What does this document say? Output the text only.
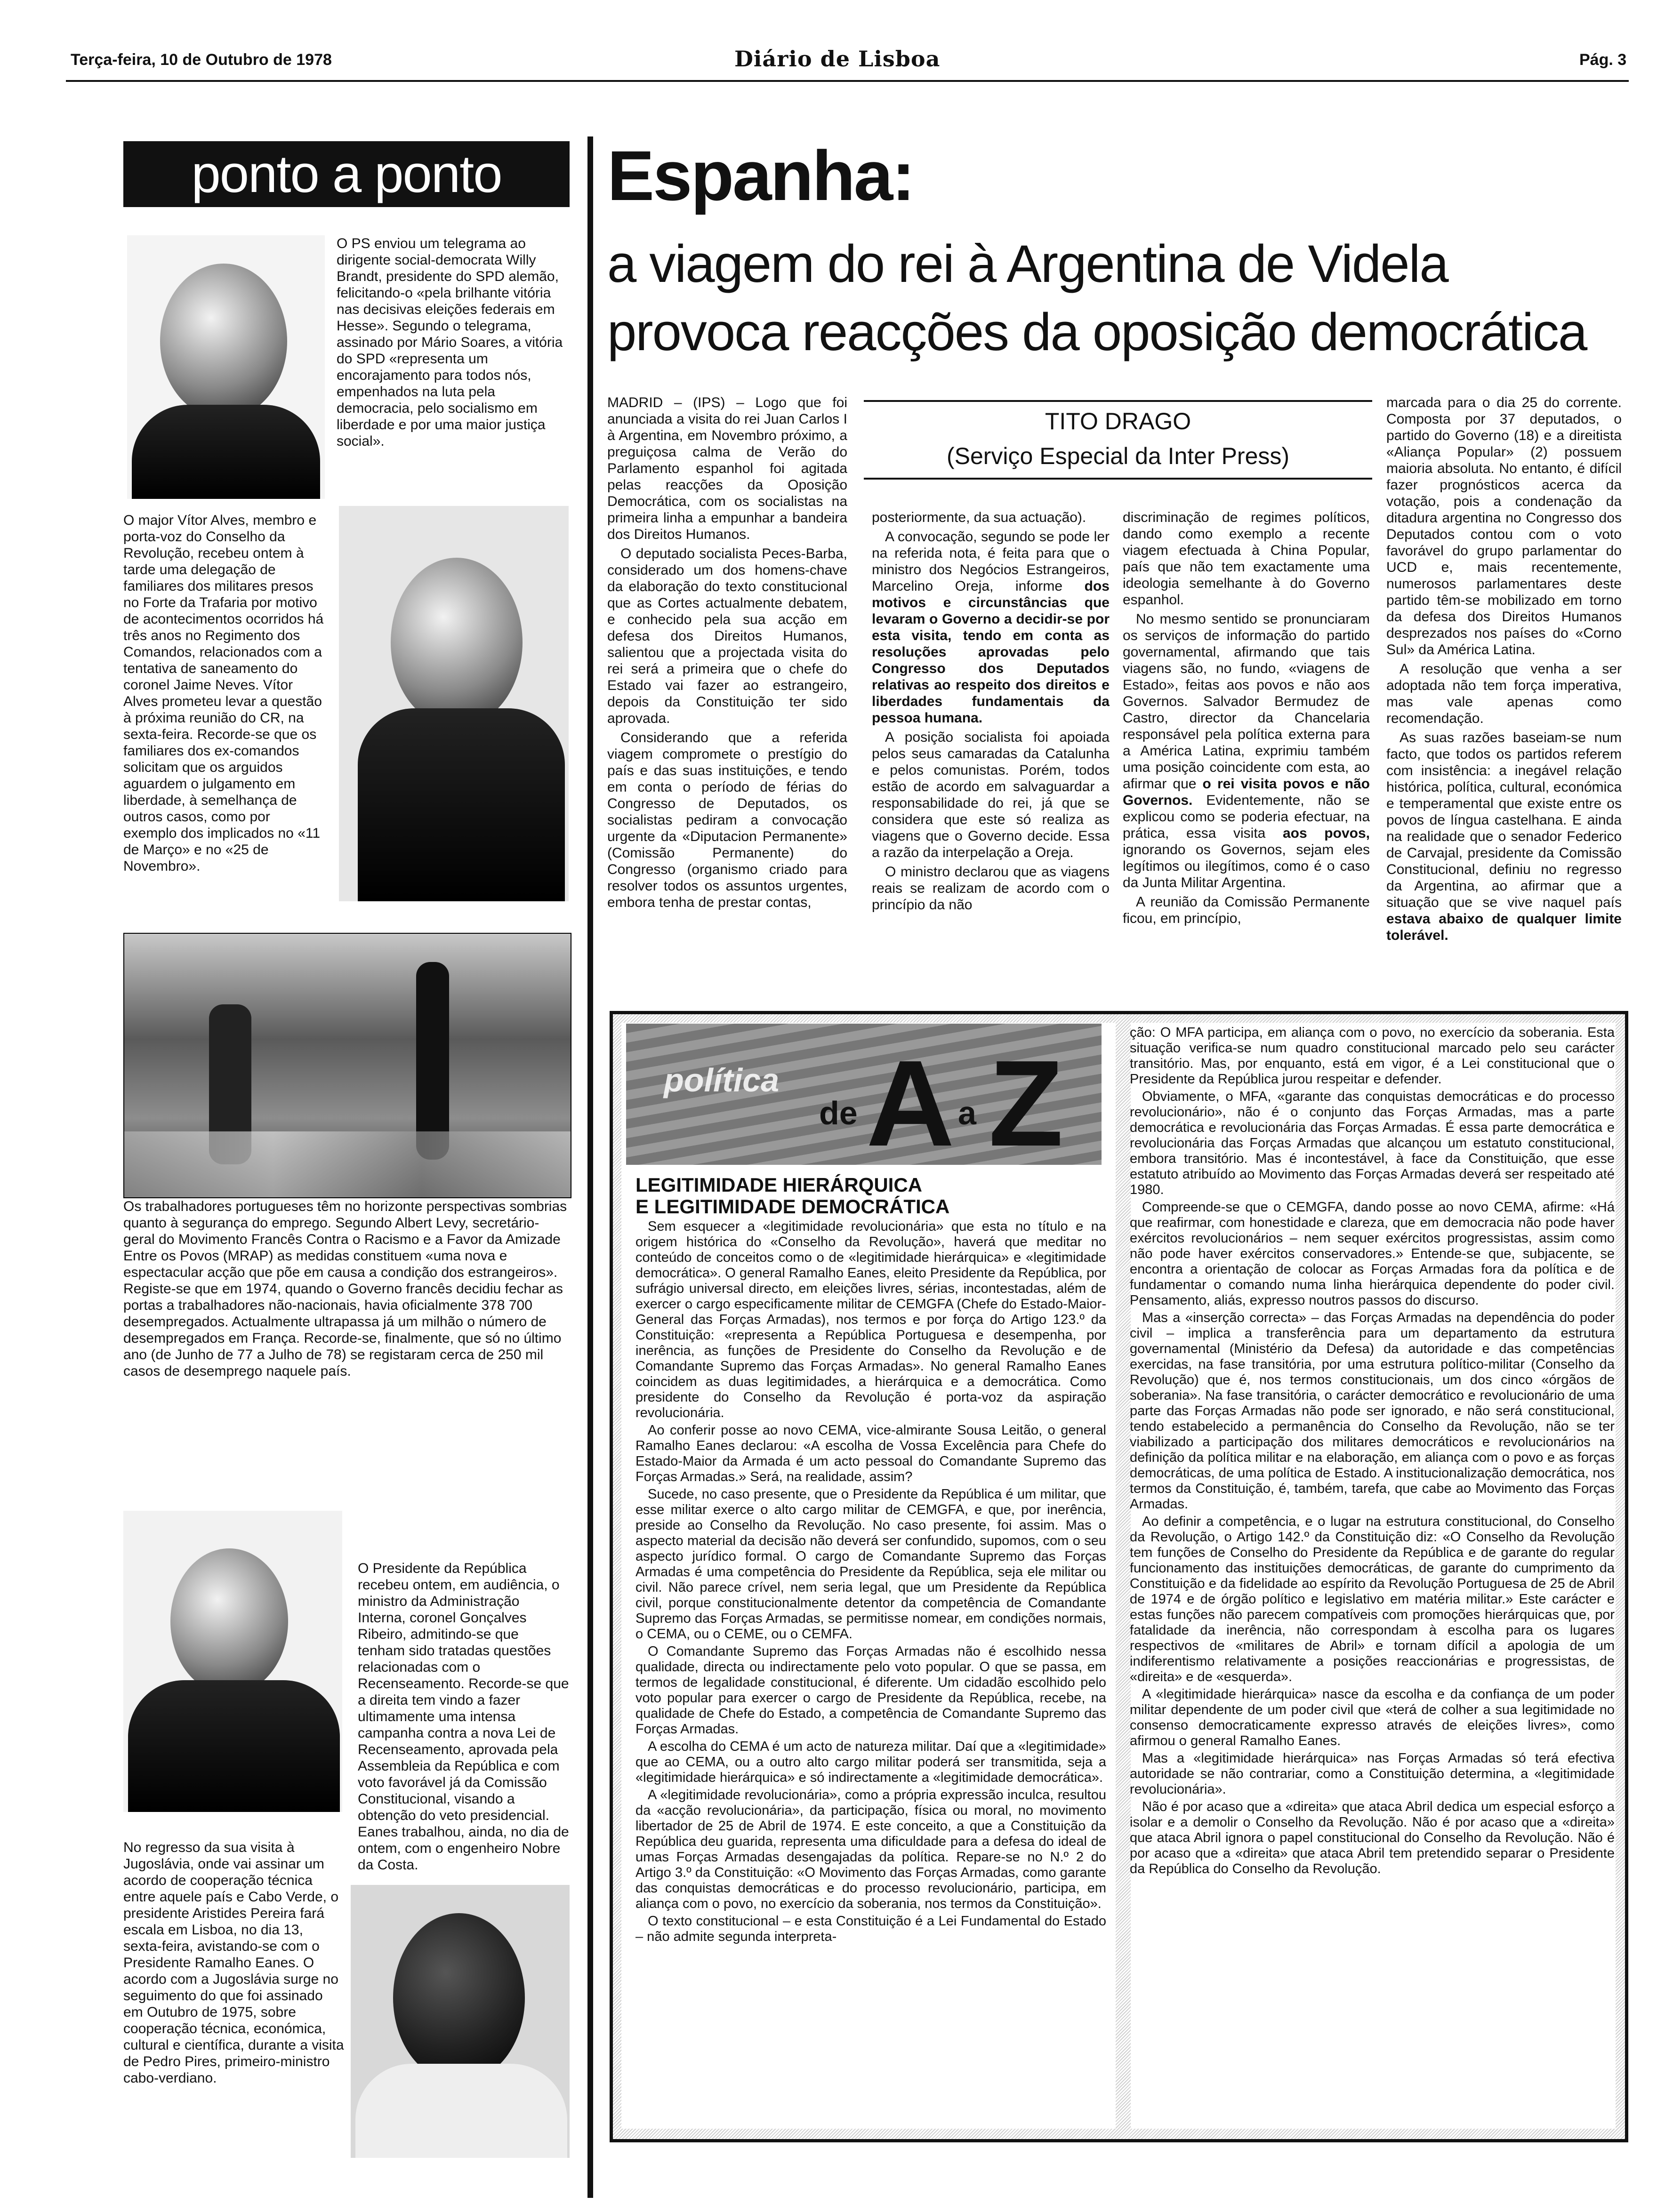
Terça-feira, 10 de Outubro de 1978	Diário de Lisboa	Pág. 3
ponto a ponto
O PS enviou um telegrama ao dirigente social-democrata Willy Brandt, presidente do SPD alemão, felicitando-o «pela brilhante vitória nas decisivas eleições federais em Hesse». Segundo o telegrama, assinado por Mário Soares, a vitória do SPD «representa um encorajamento para todos nós, empenhados na luta pela democracia, pelo socialismo em liberdade e por uma maior justiça social».
O major Vítor Alves, membro e porta-voz do Conselho da Revolução, recebeu ontem à tarde uma delegação de familiares dos militares presos no Forte da Trafaria por motivo de acontecimentos ocorridos há três anos no Regimento dos Comandos, relacionados com a tentativa de saneamento do coronel Jaime Neves. Vítor Alves prometeu levar a questão à próxima reunião do CR, na sexta-feira. Recorde-se que os familiares dos ex-comandos solicitam que os arguidos aguardem o julgamento em liberdade, à semelhança de outros casos, como por exemplo dos implicados no «11 de Março» e no «25 de Novembro».
Os trabalhadores portugueses têm no horizonte perspectivas sombrias quanto à segurança do emprego. Segundo Albert Levy, secretário-geral do Movimento Francês Contra o Racismo e a Favor da Amizade Entre os Povos (MRAP) as medidas constituem «uma nova e espectacular acção que põe em causa a condição dos estrangeiros». Registe-se que em 1974, quando o Governo francês decidiu fechar as portas a trabalhadores não-nacionais, havia oficialmente 378 700 desempregados. Actualmente ultrapassa já um milhão o número de desempregados em França. Recorde-se, finalmente, que só no último ano (de Junho de 77 a Julho de 78) se registaram cerca de 250 mil casos de desemprego naquele país.
O Presidente da República recebeu ontem, em audiência, o ministro da Administração Interna, coronel Gonçalves Ribeiro, admitindo-se que tenham sido tratadas questões relacionadas com o Recenseamento. Recorde-se que a direita tem vindo a fazer ultimamente uma intensa campanha contra a nova Lei de Recenseamento, aprovada pela Assembleia da República e com voto favorável já da Comissão Constitucional, visando a obtenção do veto presidencial. Eanes trabalhou, ainda, no dia de ontem, com o engenheiro Nobre da Costa.
No regresso da sua visita à Jugoslávia, onde vai assinar um acordo de cooperação técnica entre aquele país e Cabo Verde, o presidente Aristides Pereira fará escala em Lisboa, no dia 13, sexta-feira, avistando-se com o Presidente Ramalho Eanes. O acordo com a Jugoslávia surge no seguimento do que foi assinado em Outubro de 1975, sobre cooperação técnica, económica, cultural e científica, durante a visita de Pedro Pires, primeiro-ministro cabo-verdiano.
Espanha:
a viagem do rei à Argentina de Videla
provoca reacções da oposição democrática

MADRID – (IPS) – Logo que foi anunciada a visita do rei Juan Carlos I à Argentina, em Novembro próximo, a preguiçosa calma de Verão do Parlamento espanhol foi agitada pelas reacções da Oposição Democrática, com os socialistas na primeira linha a empunhar a bandeira dos Direitos Humanos.

O deputado socialista Peces-Barba, considerado um dos homens-chave da elaboração do texto constitucional que as Cortes actualmente debatem, e conhecido pela sua acção em defesa dos Direitos Humanos, salientou que a projectada visita do rei será a primeira que o chefe do Estado vai fazer ao estrangeiro, depois da Constituição ter sido aprovada.

Considerando que a referida viagem compromete o prestígio do país e das suas instituições, e tendo em conta o período de férias do Congresso de Deputados, os socialistas pediram a convocação urgente da «Diputacion Permanente» (Comissão Permanente) do Congresso (organismo criado para resolver todos os assuntos urgentes, embora tenha de prestar contas,

TITO DRAGO
(Serviço Especial da Inter Press)

posteriormente, da sua actuação).

A convocação, segundo se pode ler na referida nota, é feita para que o ministro dos Negócios Estrangeiros, Marcelino Oreja, informe dos motivos e circunstâncias que levaram o Governo a decidir-se por esta visita, tendo em conta as resoluções aprovadas pelo Congresso dos Deputados relativas ao respeito dos direitos e liberdades fundamentais da pessoa humana.

A posição socialista foi apoiada pelos seus camaradas da Catalunha e pelos comunistas. Porém, todos estão de acordo em salvaguardar a responsabilidade do rei, já que se considera que este só realiza as viagens que o Governo decide. Essa a razão da interpelação a Oreja.

O ministro declarou que as viagens reais se realizam de acordo com o princípio da não

discriminação de regimes políticos, dando como exemplo a recente viagem efectuada à China Popular, país que não tem exactamente uma ideologia semelhante à do Governo espanhol.

No mesmo sentido se pronunciaram os serviços de informação do partido governamental, afirmando que tais viagens são, no fundo, «viagens de Estado», feitas aos povos e não aos Governos. Salvador Bermudez de Castro, director da Chancelaria responsável pela política externa para a América Latina, exprimiu também uma posição coincidente com esta, ao afirmar que o rei visita povos e não Governos. Evidentemente, não se explicou como se poderia efectuar, na prática, essa visita aos povos, ignorando os Governos, sejam eles legítimos ou ilegítimos, como é o caso da Junta Militar Argentina.

A reunião da Comissão Permanente ficou, em princípio,

marcada para o dia 25 do corrente. Composta por 37 deputados, o partido do Governo (18) e a direitista «Aliança Popular» (2) possuem maioria absoluta. No entanto, é difícil fazer prognósticos acerca da votação, pois a condenação da ditadura argentina no Congresso dos Deputados contou com o voto favorável do grupo parlamentar do UCD e, mais recentemente, numerosos parlamentares deste partido têm-se mobilizado em torno da defesa dos Direitos Humanos desprezados nos países do «Corno Sul» da América Latina.

A resolução que venha a ser adoptada não tem força imperativa, mas vale apenas como recomendação.

As suas razões baseiam-se num facto, que todos os partidos referem com insistência: a inegável relação histórica, política, cultural, económica e temperamental que existe entre os povos de língua castelhana. E ainda na realidade que o senador Federico de Carvajal, presidente da Comissão Constitucional, definiu no regresso da Argentina, ao afirmar que a situação que se vive naquel país estava abaixo de qualquer limite tolerável.

política
de A a Z
LEGITIMIDADE HIERÁRQUICA
E LEGITIMIDADE DEMOCRÁTICA

Sem esquecer a «legitimidade revolucionária» que esta no título e na origem histórica do «Conselho da Revolução», haverá que meditar no conteúdo de conceitos como o de «legitimidade hierárquica» e «legitimidade democrática». O general Ramalho Eanes, eleito Presidente da República, por sufrágio universal directo, em eleições livres, sérias, incontestadas, além de exercer o cargo especificamente militar de CEMGFA (Chefe do Estado-Maior-General das Forças Armadas), nos termos e por força do Artigo 123.º da Constituição: «representa a República Portuguesa e desempenha, por inerência, as funções de Presidente do Conselho da Revolução e de Comandante Supremo das Forças Armadas». No general Ramalho Eanes coincidem as duas legitimidades, a hierárquica e a democrática. Como presidente do Conselho da Revolução é porta-voz da aspiração revolucionária.

Ao conferir posse ao novo CEMA, vice-almirante Sousa Leitão, o general Ramalho Eanes declarou: «A escolha de Vossa Excelência para Chefe do Estado-Maior da Armada é um acto pessoal do Comandante Supremo das Forças Armadas.» Será, na realidade, assim?

Sucede, no caso presente, que o Presidente da República é um militar, que esse militar exerce o alto cargo militar de CEMGFA, e que, por inerência, preside ao Conselho da Revolução. No caso presente, foi assim. Mas o aspecto material da decisão não deverá ser confundido, supomos, com o seu aspecto jurídico formal. O cargo de Comandante Supremo das Forças Armadas é uma competência do Presidente da República, seja ele militar ou civil. Não parece crível, nem seria legal, que um Presidente da República civil, porque constitucionalmente detentor da competência de Comandante Supremo das Forças Armadas, se permitisse nomear, em condições normais, o CEMA, ou o CEME, ou o CEMFA.

O Comandante Supremo das Forças Armadas não é escolhido nessa qualidade, directa ou indirectamente pelo voto popular. O que se passa, em termos de legalidade constitucional, é diferente. Um cidadão escolhido pelo voto popular para exercer o cargo de Presidente da República, recebe, na qualidade de Chefe do Estado, a competência de Comandante Supremo das Forças Armadas.

A escolha do CEMA é um acto de natureza militar. Daí que a «legitimidade» que ao CEMA, ou a outro alto cargo militar poderá ser transmitida, seja a «legitimidade hierárquica» e só indirectamente a «legitimidade democrática».

A «legitimidade revolucionária», como a própria expressão inculca, resultou da «acção revolucionária», da participação, física ou moral, no movimento libertador de 25 de Abril de 1974. E este conceito, a que a Constituição da República deu guarida, representa uma dificuldade para a defesa do ideal de umas Forças Armadas desengajadas da política. Repare-se no N.º 2 do Artigo 3.º da Constituição: «O Movimento das Forças Armadas, como garante das conquistas democráticas e do processo revolucionário, participa, em aliança com o povo, no exercício da soberania, nos termos da Constituição».

O texto constitucional – e esta Constituição é a Lei Fundamental do Estado – não admite segunda interpreta-

ção: O MFA participa, em aliança com o povo, no exercício da soberania. Esta situação verifica-se num quadro constitucional marcado pelo seu carácter transitório. Mas, por enquanto, está em vigor, é a Lei constitucional que o Presidente da República jurou respeitar e defender.

Obviamente, o MFA, «garante das conquistas democráticas e do processo revolucionário», não é o conjunto das Forças Armadas, mas a parte democrática e revolucionária das Forças Armadas. É essa parte democrática e revolucionária das Forças Armadas que alcançou um estatuto constitucional, embora transitório. Mas é incontestável, à face da Constituição, que esse estatuto atribuído ao Movimento das Forças Armadas deverá ser respeitado até 1980.

Compreende-se que o CEMGFA, dando posse ao novo CEMA, afirme: «Há que reafirmar, com honestidade e clareza, que em democracia não pode haver exércitos revolucionários – nem sequer exércitos progressistas, assim como não pode haver exércitos conservadores.» Entende-se que, subjacente, se encontra a orientação de colocar as Forças Armadas fora da política e de fundamentar o comando numa linha hierárquica dependente do poder civil. Pensamento, aliás, expresso noutros passos do discurso.

Mas a «inserção correcta» – das Forças Armadas na dependência do poder civil – implica a transferência para um departamento da estrutura governamental (Ministério da Defesa) da autoridade e das competências exercidas, na fase transitória, por uma estrutura político-militar (Conselho da Revolução) que é, nos termos constitucionais, um dos cinco «órgãos de soberania». Na fase transitória, o carácter democrático e revolucionário de uma parte das Forças Armadas não pode ser ignorado, e não será constitucional, tendo estabelecido a permanência do Conselho da Revolução, não se ter viabilizado a participação dos militares democráticos e revolucionários na definição da política militar e na elaboração, em aliança com o povo e as forças democráticas, de uma política de Estado. A institucionalização democrática, nos termos da Constituição, é, também, tarefa, que cabe ao Movimento das Forças Armadas.

Ao definir a competência, e o lugar na estrutura constitucional, do Conselho da Revolução, o Artigo 142.º da Constituição diz: «O Conselho da Revolução tem funções de Conselho do Presidente da República e de garante do regular funcionamento das instituições democráticas, de garante do cumprimento da Constituição e da fidelidade ao espírito da Revolução Portuguesa de 25 de Abril de 1974 e de órgão político e legislativo em matéria militar.» Este carácter e estas funções não parecem compatíveis com promoções hierárquicas que, por fatalidade da inerência, não correspondam à escolha para os lugares respectivos de «militares de Abril» e tornam difícil a apologia de um indiferentismo relativamente a posições reaccionárias e progressistas, de «direita» e de «esquerda».

A «legitimidade hierárquica» nasce da escolha e da confiança de um poder militar dependente de um poder civil que «terá de colher a sua legitimidade no consenso democraticamente expresso através de eleições livres», como afirmou o general Ramalho Eanes.

Mas a «legitimidade hierárquica» nas Forças Armadas só terá efectiva autoridade se não contrariar, como a Constituição determina, a «legitimidade revolucionária».

Não é por acaso que a «direita» que ataca Abril dedica um especial esforço a isolar e a demolir o Conselho da Revolução. Não é por acaso que a «direita» que ataca Abril ignora o papel constitucional do Conselho da Revolução. Não é por acaso que a «direita» que ataca Abril tem pretendido separar o Presidente da República do Conselho da Revolução.
